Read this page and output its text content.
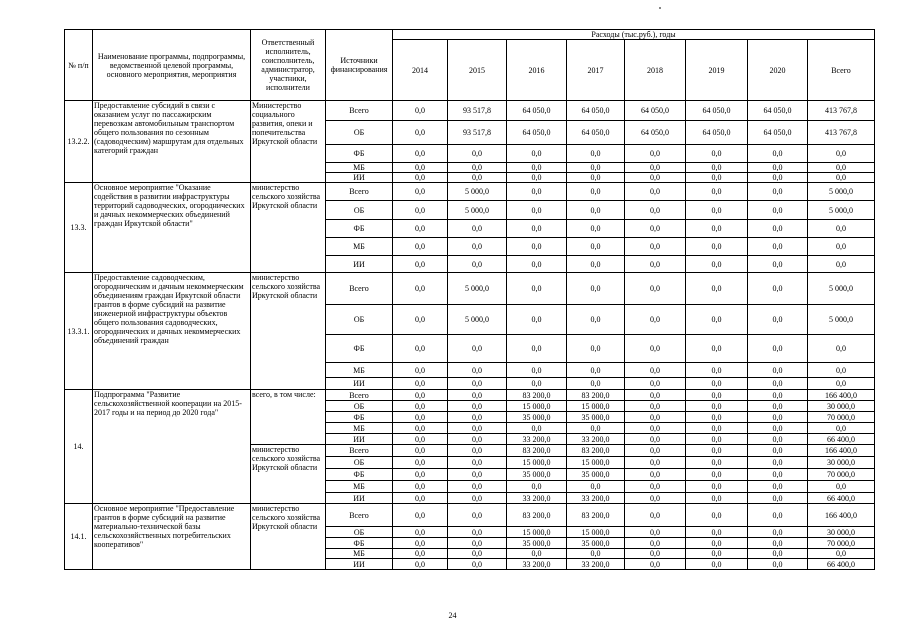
№ п/п	Наименование программы, подпрограммы, ведомственной целевой программы, основного мероприятия, мероприятия	Ответственный исполнитель, соисполнитель, администратор, участники, исполнители	Источники финансирования	Расходы (тыс.руб.), годы							
				2014	2015	2016	2017	2018	2019	2020	Всего
13.2.2.	Предоставление субсидий в связи с оказанием услуг по пассажирским перевозкам автомобильным транспортом общего пользования по сезонным (садоводческим) маршрутам для отдельных категорий граждан	Министерство социального развития, опеки и попечительства Иркутской области	Всего	0,0	93 517,8	64 050,0	64 050,0	64 050,0	64 050,0	64 050,0	413 767,8
			ОБ	0,0	93 517,8	64 050,0	64 050,0	64 050,0	64 050,0	64 050,0	413 767,8
			ФБ	0,0	0,0	0,0	0,0	0,0	0,0	0,0	0,0
			МБ	0,0	0,0	0,0	0,0	0,0	0,0	0,0	0,0
			ИИ	0,0	0,0	0,0	0,0	0,0	0,0	0,0	0,0
13.3.	Основное мероприятие "Оказание содействия в развитии инфраструктуры территорий садоводческих, огороднических и дачных некоммерческих объединений граждан Иркутской области"	министерство сельского хозяйства Иркутской области	Всего	0,0	5 000,0	0,0	0,0	0,0	0,0	0,0	5 000,0
			ОБ	0,0	5 000,0	0,0	0,0	0,0	0,0	0,0	5 000,0
			ФБ	0,0	0,0	0,0	0,0	0,0	0,0	0,0	0,0
			МБ	0,0	0,0	0,0	0,0	0,0	0,0	0,0	0,0
			ИИ	0,0	0,0	0,0	0,0	0,0	0,0	0,0	0,0
13.3.1.	Предоставление садоводческим, огородническим и дачным некоммерческим объединениям граждан Иркутской области грантов в форме субсидий на развитие инженерной инфраструктуры объектов общего пользования садоводческих, огороднических и дачных некоммерческих объединений граждан	министерство сельского хозяйства Иркутской области	Всего	0,0	5 000,0	0,0	0,0	0,0	0,0	0,0	5 000,0
			ОБ	0,0	5 000,0	0,0	0,0	0,0	0,0	0,0	5 000,0
			ФБ	0,0	0,0	0,0	0,0	0,0	0,0	0,0	0,0
			МБ	0,0	0,0	0,0	0,0	0,0	0,0	0,0	0,0
			ИИ	0,0	0,0	0,0	0,0	0,0	0,0	0,0	0,0
14.	Подпрограмма "Развитие сельскохозяйственной кооперации на 2015-2017 годы и на период до 2020 года"	всего, в том числе:	Всего	0,0	0,0	83 200,0	83 200,0	0,0	0,0	0,0	166 400,0
			ОБ	0,0	0,0	15 000,0	15 000,0	0,0	0,0	0,0	30 000,0
			ФБ	0,0	0,0	35 000,0	35 000,0	0,0	0,0	0,0	70 000,0
			МБ	0,0	0,0	0,0	0,0	0,0	0,0	0,0	0,0
			ИИ	0,0	0,0	33 200,0	33 200,0	0,0	0,0	0,0	66 400,0
		министерство сельского хозяйства Иркутской области	Всего	0,0	0,0	83 200,0	83 200,0	0,0	0,0	0,0	166 400,0
			ОБ	0,0	0,0	15 000,0	15 000,0	0,0	0,0	0,0	30 000,0
			ФБ	0,0	0,0	35 000,0	35 000,0	0,0	0,0	0,0	70 000,0
			МБ	0,0	0,0	0,0	0,0	0,0	0,0	0,0	0,0
			ИИ	0,0	0,0	33 200,0	33 200,0	0,0	0,0	0,0	66 400,0
14.1.	Основное мероприятие "Предоставление грантов в форме субсидий на развитие материально-технической базы сельскохозяйственных потребительских кооперативов"	министерство сельского хозяйства Иркутской области	Всего	0,0	0,0	83 200,0	83 200,0	0,0	0,0	0,0	166 400,0
			ОБ	0,0	0,0	15 000,0	15 000,0	0,0	0,0	0,0	30 000,0
			ФБ	0,0	0,0	35 000,0	35 000,0	0,0	0,0	0,0	70 000,0
			МБ	0,0	0,0	0,0	0,0	0,0	0,0	0,0	0,0
			ИИ	0,0	0,0	33 200,0	33 200,0	0,0	0,0	0,0	66 400,0
24
